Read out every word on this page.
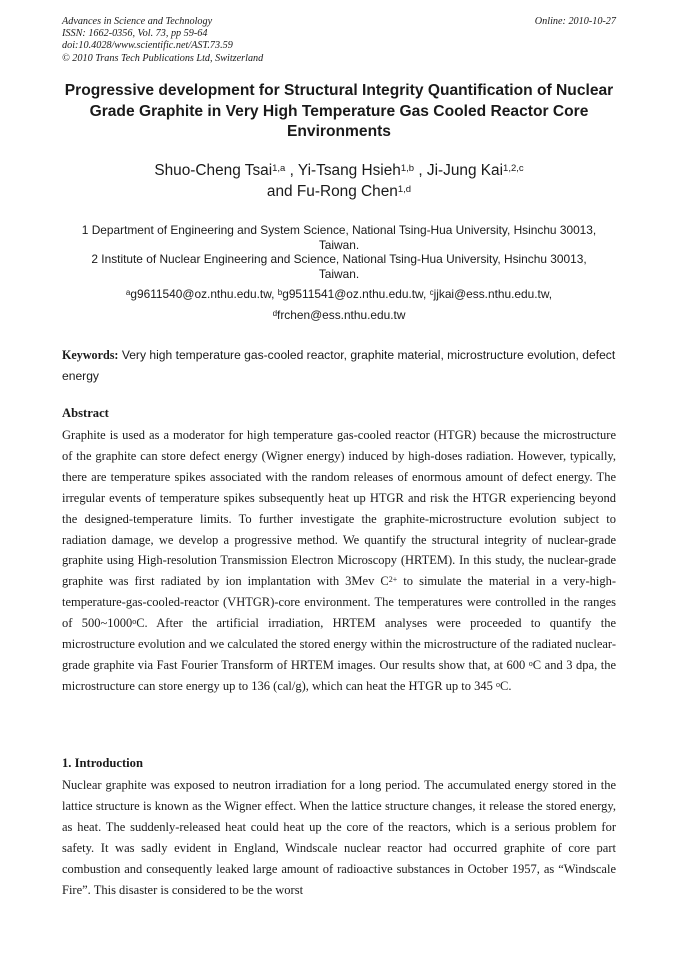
Advances in Science and Technology
ISSN: 1662-0356, Vol. 73, pp 59-64
doi:10.4028/www.scientific.net/AST.73.59
© 2010 Trans Tech Publications Ltd, Switzerland
Online: 2010-10-27
Progressive development for Structural Integrity Quantification of Nuclear Grade Graphite in Very High Temperature Gas Cooled Reactor Core Environments
Shuo-Cheng Tsai$^{1,a}$ , Yi-Tsang Hsieh$^{1,b}$ , Ji-Jung Kai$^{1,2,c}$
and Fu-Rong Chen$^{1,d}$
1 Department of Engineering and System Science, National Tsing-Hua University, Hsinchu 30013,
Taiwan.
2 Institute of Nuclear Engineering and Science, National Tsing-Hua University, Hsinchu 30013,
Taiwan.
$^a$g9611540@oz.nthu.edu.tw, $^b$g9511541@oz.nthu.edu.tw, $^c$jjkai@ess.nthu.edu.tw,
$^d$frchen@ess.nthu.edu.tw
Keywords: Very high temperature gas-cooled reactor, graphite material, microstructure evolution, defect energy
Abstract
Graphite is used as a moderator for high temperature gas-cooled reactor (HTGR) because the microstructure of the graphite can store defect energy (Wigner energy) induced by high-doses radiation. However, typically, there are temperature spikes associated with the random releases of enormous amount of defect energy. The irregular events of temperature spikes subsequently heat up HTGR and risk the HTGR experiencing beyond the designed-temperature limits. To further investigate the graphite-microstructure evolution subject to radiation damage, we develop a progressive method. We quantify the structural integrity of nuclear-grade graphite using High-resolution Transmission Electron Microscopy (HRTEM). In this study, the nuclear-grade graphite was first radiated by ion implantation with 3Mev $C^{2+}$ to simulate the material in a very-high-temperature-gas-cooled-reactor (VHTGR)-core environment. The temperatures were controlled in the ranges of 500~1000$^o$C. After the artificial irradiation, HRTEM analyses were proceeded to quantify the microstructure evolution and we calculated the stored energy within the microstructure of the radiated nuclear-grade graphite via Fast Fourier Transform of HRTEM images. Our results show that, at 600 $^o$C and 3 dpa, the microstructure can store energy up to 136 (cal/g), which can heat the HTGR up to 345 $^o$C.
1. Introduction
Nuclear graphite was exposed to neutron irradiation for a long period. The accumulated energy stored in the lattice structure is known as the Wigner effect. When the lattice structure changes, it release the stored energy, as heat. The suddenly-released heat could heat up the core of the reactors, which is a serious problem for safety. It was sadly evident in England, Windscale nuclear reactor had occurred graphite of core part combustion and consequently leaked large amount of radioactive substances in October 1957, as “Windscale Fire”. This disaster is considered to be the worst
